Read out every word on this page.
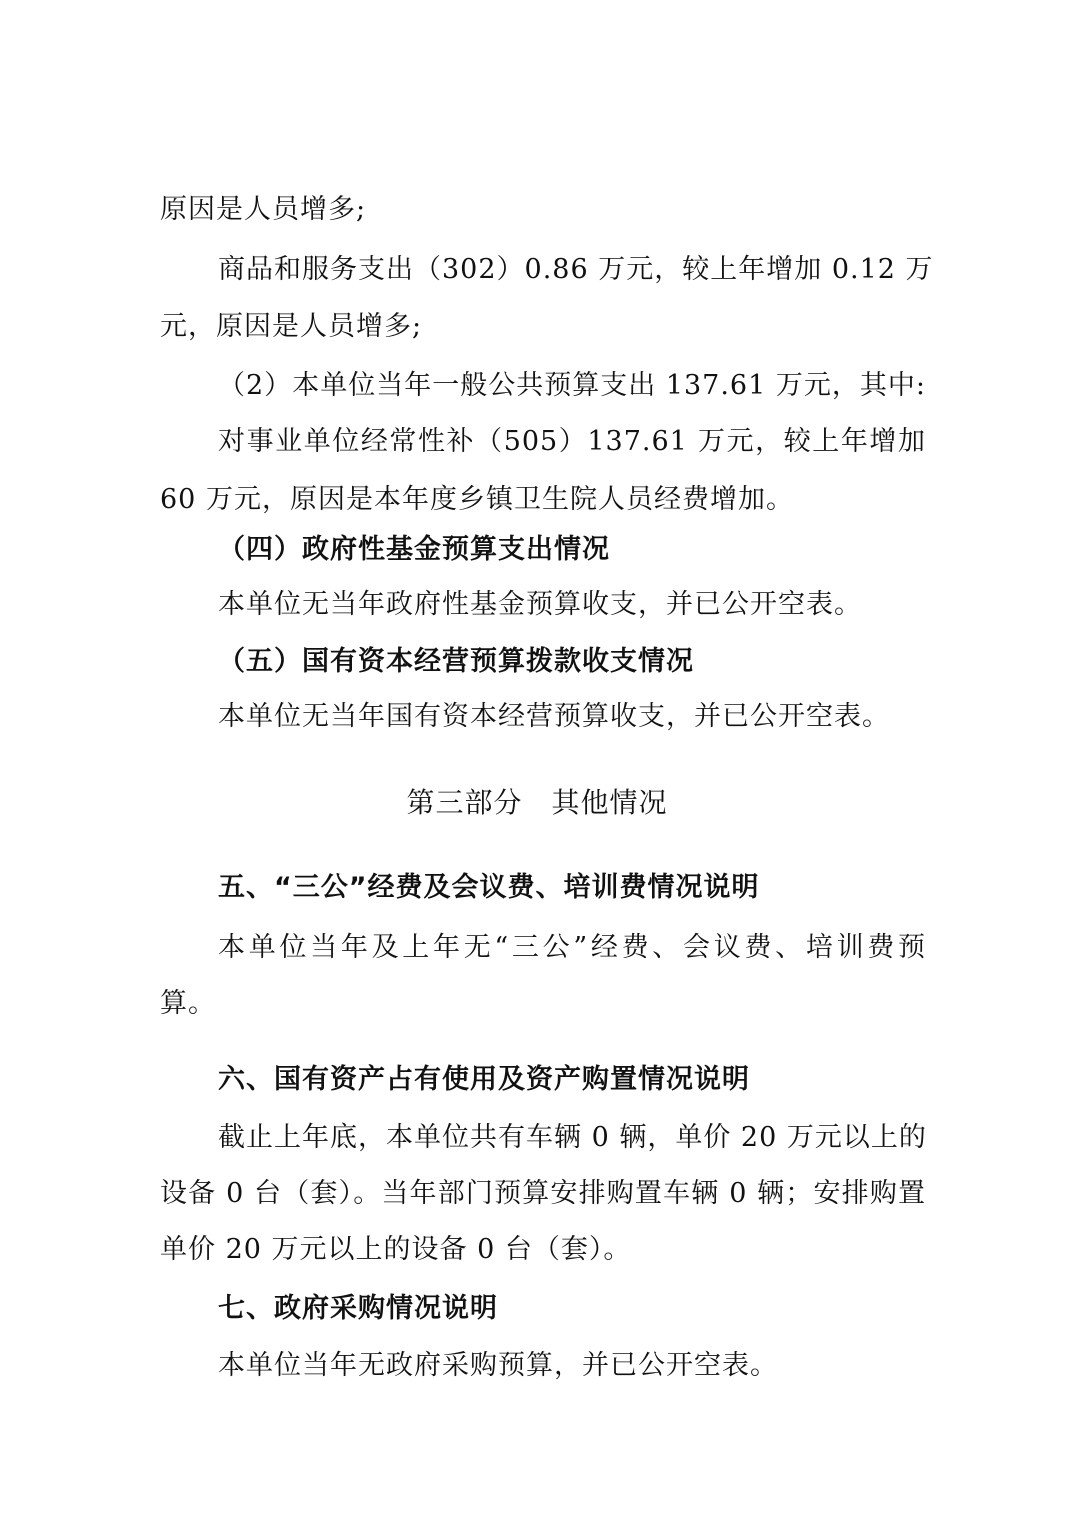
原因是人员增多;
商品和服务支出（302）0.86 万元，较上年增加 0.12 万
元，原因是人员增多;
（2）本单位当年一般公共预算支出 137.61 万元，其中:
对事业单位经常性补（505）137.61 万元，较上年增加
60 万元，原因是本年度乡镇卫生院人员经费增加。
（四）政府性基金预算支出情况
本单位无当年政府性基金预算收支，并已公开空表。
（五）国有资本经营预算拨款收支情况
本单位无当年国有资本经营预算收支，并已公开空表。
第三部分　其他情况
五、“三公”经费及会议费、培训费情况说明
本单位当年及上年无“三公”经费、会议费、培训费预
算。
六、国有资产占有使用及资产购置情况说明
截止上年底，本单位共有车辆 0 辆，单价 20 万元以上的
设备 0 台（套）。当年部门预算安排购置车辆 0 辆；安排购置
单价 20 万元以上的设备 0 台（套）。
七、政府采购情况说明
本单位当年无政府采购预算，并已公开空表。
